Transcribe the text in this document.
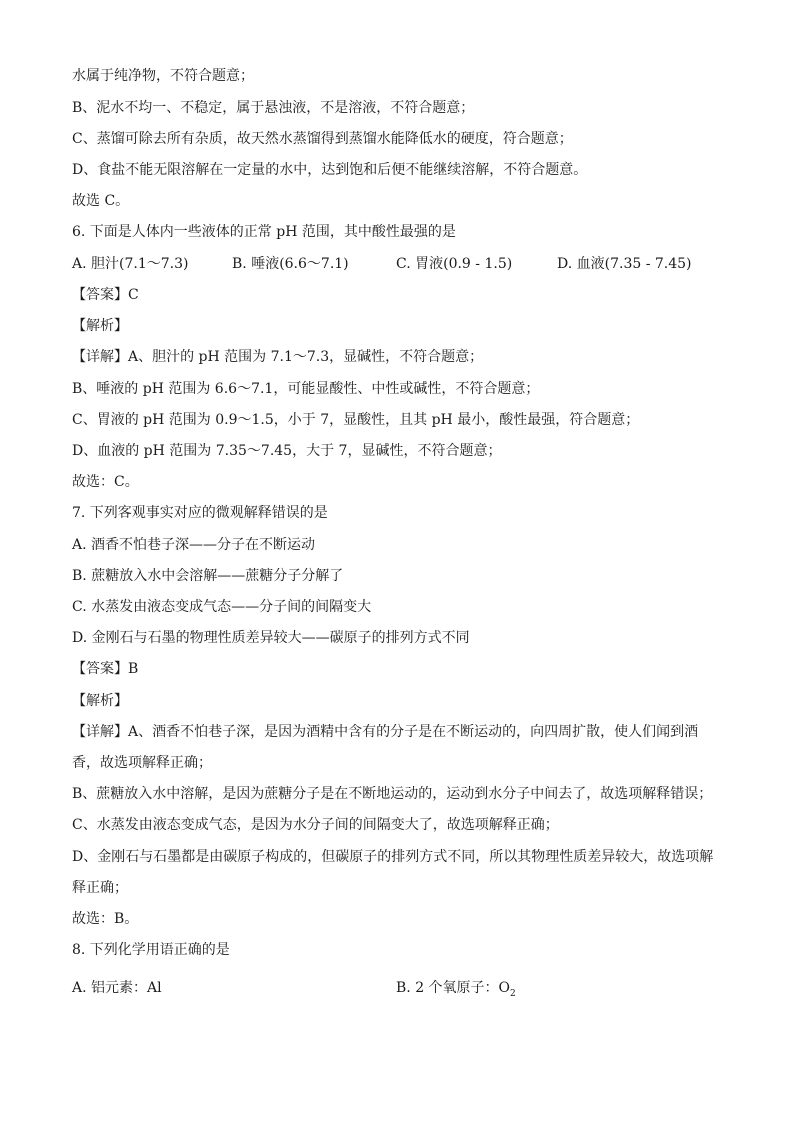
水属于纯净物，不符合题意；
B、泥水不均一、不稳定，属于悬浊液，不是溶液，不符合题意；
C、蒸馏可除去所有杂质，故天然水蒸馏得到蒸馏水能降低水的硬度，符合题意；
D、食盐不能无限溶解在一定量的水中，达到饱和后便不能继续溶解，不符合题意。
故选 C。
6. 下面是人体内一些液体的正常 pH 范围，其中酸性最强的是
A. 胆汁(7.1～7.3)	B. 唾液(6.6～7.1)	C. 胃液(0.9 - 1.5)	D. 血液(7.35 - 7.45)
【答案】C
【解析】
【详解】A、胆汁的 pH 范围为 7.1～7.3，显碱性，不符合题意；
B、唾液的 pH 范围为 6.6～7.1，可能显酸性、中性或碱性，不符合题意；
C、胃液的 pH 范围为 0.9～1.5，小于 7，显酸性，且其 pH 最小，酸性最强，符合题意；
D、血液的 pH 范围为 7.35～7.45，大于 7，显碱性，不符合题意；
故选：C。
7. 下列客观事实对应的微观解释错误的是
A. 酒香不怕巷子深——分子在不断运动
B. 蔗糖放入水中会溶解——蔗糖分子分解了
C. 水蒸发由液态变成气态——分子间的间隔变大
D. 金刚石与石墨的物理性质差异较大——碳原子的排列方式不同
【答案】B
【解析】
【详解】A、酒香不怕巷子深，是因为酒精中含有的分子是在不断运动的，向四周扩散，使人们闻到酒
香，故选项解释正确；
B、蔗糖放入水中溶解，是因为蔗糖分子是在不断地运动的，运动到水分子中间去了，故选项解释错误；
C、水蒸发由液态变成气态，是因为水分子间的间隔变大了，故选项解释正确；
D、金刚石与石墨都是由碳原子构成的，但碳原子的排列方式不同，所以其物理性质差异较大，故选项解
释正确；
故选：B。
8. 下列化学用语正确的是
A. 铝元素：Al	B. 2 个氧原子：$O_2$
